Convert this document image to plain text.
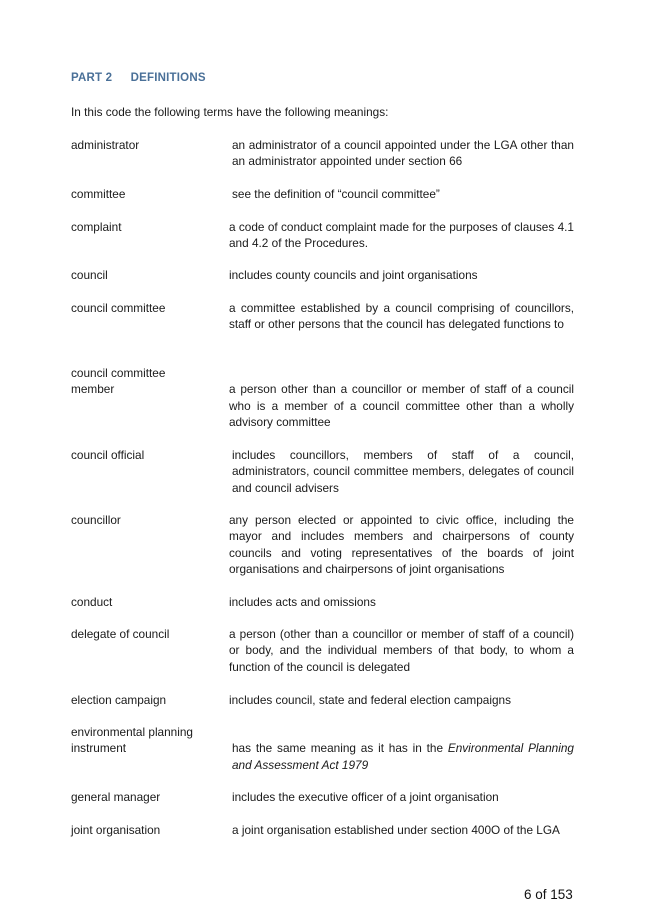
PART 2 DEFINITIONS
In this code the following terms have the following meanings:
administrator	an administrator of a council appointed under the LGA other than an administrator appointed under section 66
committee	see the definition of “council committee”
complaint	a code of conduct complaint made for the purposes of clauses 4.1 and 4.2 of the Procedures.
council	includes county councils and joint organisations
council committee	a committee established by a council comprising of councillors, staff or other persons that the council has delegated functions to
council committee member	a person other than a councillor or member of staff of a council who is a member of a council committee other than a wholly advisory committee
council official	includes councillors, members of staff of a council, administrators, council committee members, delegates of council and council advisers
councillor	any person elected or appointed to civic office, including the mayor and includes members and chairpersons of county councils and voting representatives of the boards of joint organisations and chairpersons of joint organisations
conduct	includes acts and omissions
delegate of council	a person (other than a councillor or member of staff of a council) or body, and the individual members of that body, to whom a function of the council is delegated
election campaign	includes council, state and federal election campaigns
environmental planning instrument	has the same meaning as it has in the Environmental Planning and Assessment Act 1979
general manager	includes the executive officer of a joint organisation
joint organisation	a joint organisation established under section 400O of the LGA
6 of 153
